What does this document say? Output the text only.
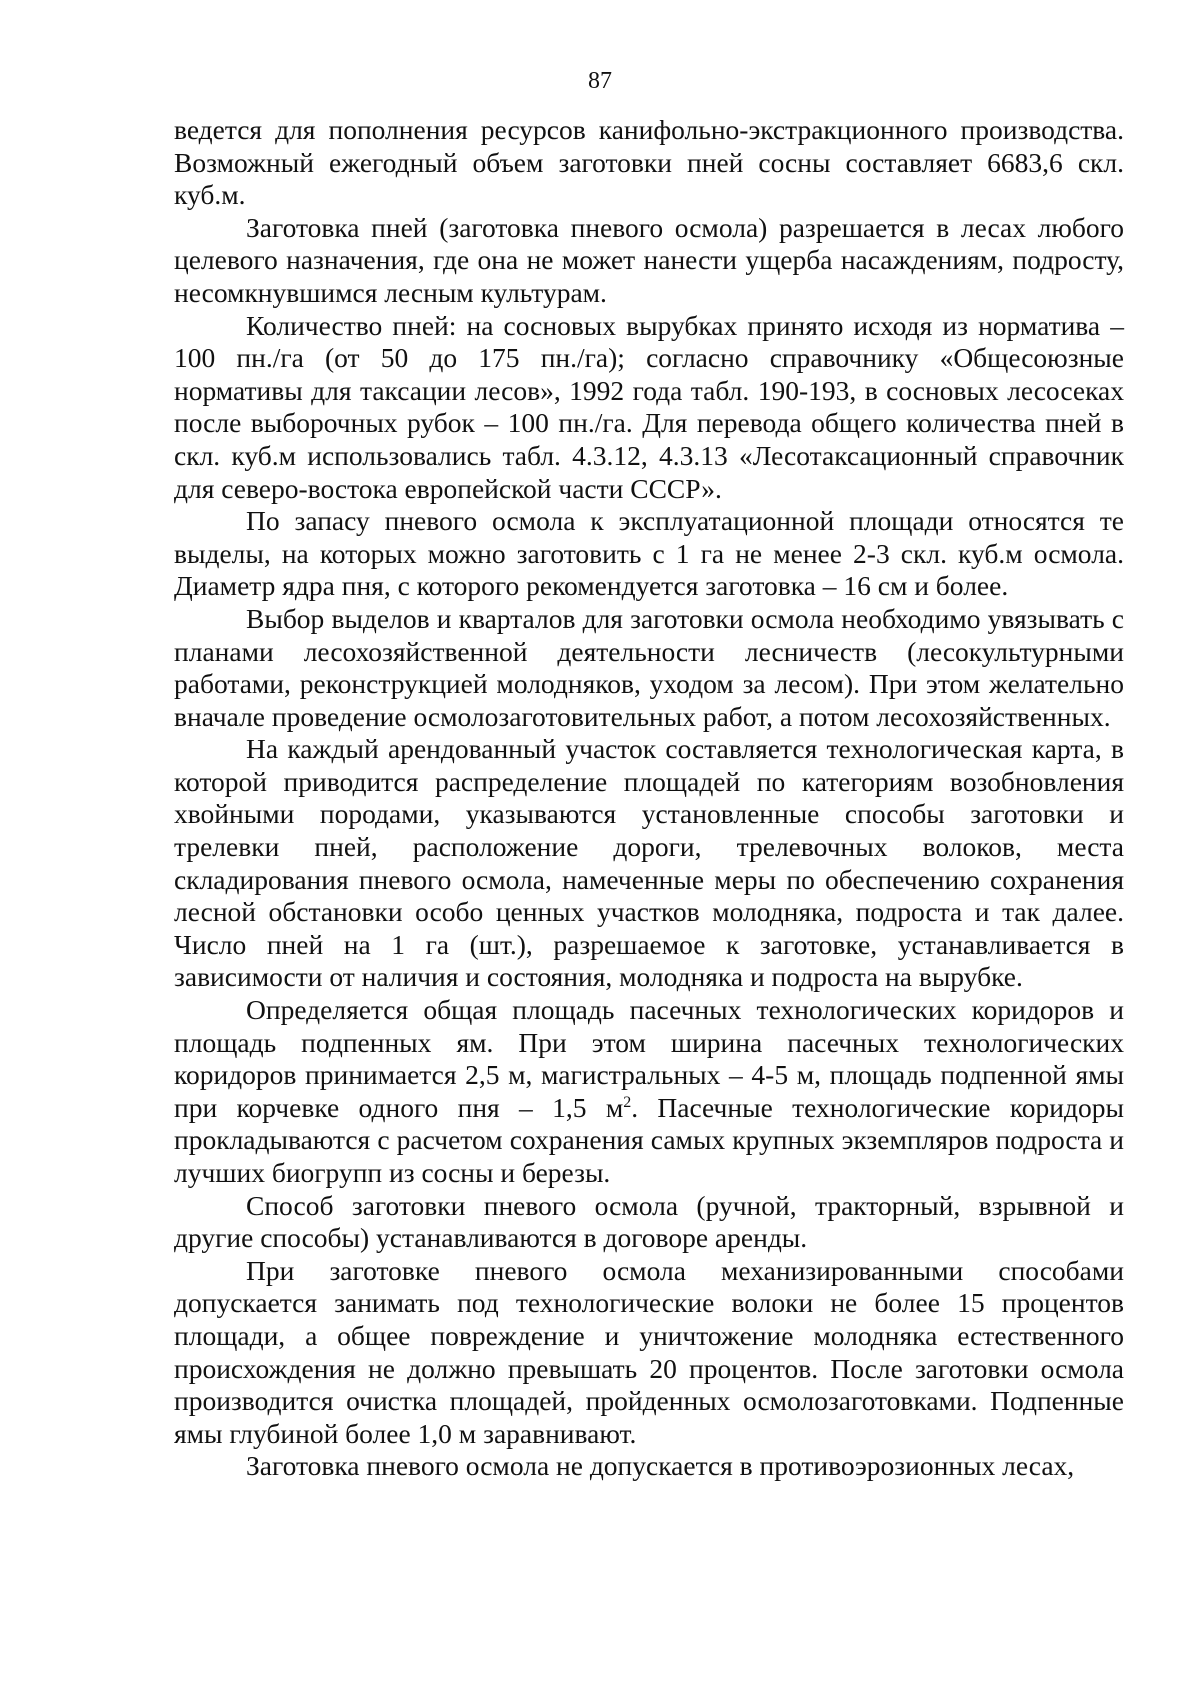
87

ведется для пополнения ресурсов канифольно-экстракционного производства. Возможный ежегодный объем заготовки пней сосны составляет 6683,6 скл. куб.м.

Заготовка пней (заготовка пневого осмола) разрешается в лесах любого целевого назначения, где она не может нанести ущерба насаждениям, подросту, несомкнувшимся лесным культурам.

Количество пней: на сосновых вырубках принято исходя из норматива – 100 пн./га (от 50 до 175 пн./га); согласно справочнику «Общесоюзные нормативы для таксации лесов», 1992 года табл. 190-193, в сосновых лесосеках после выборочных рубок – 100 пн./га. Для перевода общего количества пней в скл. куб.м использовались табл. 4.3.12, 4.3.13 «Лесотаксационный справочник для северо-востока европейской части СССР».

По запасу пневого осмола к эксплуатационной площади относятся те выделы, на которых можно заготовить с 1 га не менее 2-3 скл. куб.м осмола. Диаметр ядра пня, с которого рекомендуется заготовка – 16 см и более.

Выбор выделов и кварталов для заготовки осмола необходимо увязывать с планами лесохозяйственной деятельности лесничеств (лесокультурными работами, реконструкцией молодняков, уходом за лесом). При этом желательно вначале проведение осмолозаготовительных работ, а потом лесохозяйственных.

На каждый арендованный участок составляется технологическая карта, в которой приводится распределение площадей по категориям возобновления хвойными породами, указываются установленные способы заготовки и трелевки пней, расположение дороги, трелевочных волоков, места складирования пневого осмола, намеченные меры по обеспечению сохранения лесной обстановки особо ценных участков молодняка, подроста и так далее. Число пней на 1 га (шт.), разрешаемое к заготовке, устанавливается в зависимости от наличия и состояния, молодняка и подроста на вырубке.

Определяется общая площадь пасечных технологических коридоров и площадь подпенных ям. При этом ширина пасечных технологических коридоров принимается 2,5 м, магистральных – 4-5 м, площадь подпенной ямы при корчевке одного пня – 1,5 $м^2$. Пасечные технологические коридоры прокладываются с расчетом сохранения самых крупных экземпляров подроста и лучших биогрупп из сосны и березы.

Способ заготовки пневого осмола (ручной, тракторный, взрывной и другие способы) устанавливаются в договоре аренды.

При заготовке пневого осмола механизированными способами допускается занимать под технологические волоки не более 15 процентов площади, а общее повреждение и уничтожение молодняка естественного происхождения не должно превышать 20 процентов. После заготовки осмола производится очистка площадей, пройденных осмолозаготовками. Подпенные ямы глубиной более 1,0 м заравнивают.

Заготовка пневого осмола не допускается в противоэрозионных лесах,
